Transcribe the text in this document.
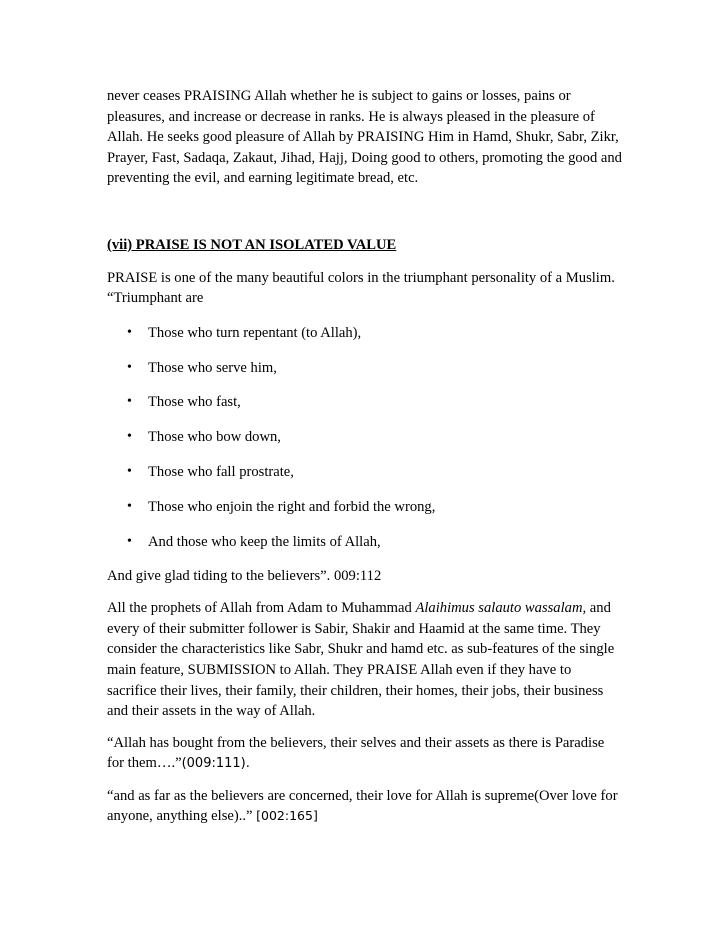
never ceases PRAISING Allah whether he is subject to gains or losses, pains or pleasures, and increase or decrease in ranks. He is always pleased in the pleasure of Allah. He seeks good pleasure of Allah by PRAISING Him in Hamd, Shukr, Sabr, Zikr, Prayer, Fast, Sadaqa, Zakaut, Jihad, Hajj, Doing good to others, promoting the good and preventing the evil, and earning legitimate bread, etc.

(vii) PRAISE IS NOT AN ISOLATED VALUE

PRAISE is one of the many beautiful colors in the triumphant personality of a Muslim. “Triumphant are

• Those who turn repentant (to Allah),
• Those who serve him,
• Those who fast,
• Those who bow down,
• Those who fall prostrate,
• Those who enjoin the right and forbid the wrong,
• And those who keep the limits of Allah,

And give glad tiding to the believers”. 009:112

All the prophets of Allah from Adam to Muhammad Alaihimus salauto wassalam, and every of their submitter follower is Sabir, Shakir and Haamid at the same time. They consider the characteristics like Sabr, Shukr and hamd etc. as sub-features of the single main feature, SUBMISSION to Allah. They PRAISE Allah even if they have to sacrifice their lives, their family, their children, their homes, their jobs, their business and their assets in the way of Allah.

“Allah has bought from the believers, their selves and their assets as there is Paradise for them….”(009:111).

“and as far as the believers are concerned, their love for Allah is supreme(Over love for anyone, anything else)..” [002:165]
